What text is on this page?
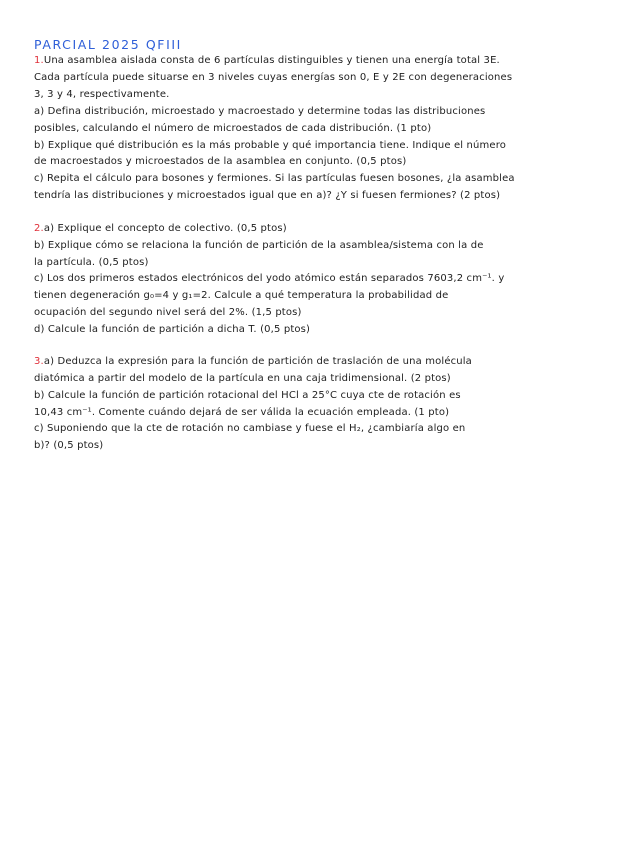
PARCIAL 2025 QFIII
1.Una asamblea aislada consta de 6 partículas distinguibles y tienen una energía total 3E.
Cada partícula puede situarse en 3 niveles cuyas energías son 0, E y 2E con degeneraciones
3, 3 y 4, respectivamente.
a) Defina distribución, microestado y macroestado y determine todas las distribuciones
posibles, calculando el número de microestados de cada distribución. (1 pto)
b) Explique qué distribución es la más probable y qué importancia tiene. Indique el número
de macroestados y microestados de la asamblea en conjunto. (0,5 ptos)
c) Repita el cálculo para bosones y fermiones. Si las partículas fuesen bosones, ¿la asamblea
tendría las distribuciones y microestados igual que en a)? ¿Y si fuesen fermiones? (2 ptos)
2.a) Explique el concepto de colectivo. (0,5 ptos)
b) Explique cómo se relaciona la función de partición de la asamblea/sistema con la de
la partícula. (0,5 ptos)
c) Los dos primeros estados electrónicos del yodo atómico están separados 7603,2 cm⁻¹. y
tienen degeneración g₀=4 y g₁=2. Calcule a qué temperatura la probabilidad de
ocupación del segundo nivel será del 2%. (1,5 ptos)
d) Calcule la función de partición a dicha T. (0,5 ptos)
3.a) Deduzca la expresión para la función de partición de traslación de una molécula
diatómica a partir del modelo de la partícula en una caja tridimensional. (2 ptos)
b) Calcule la función de partición rotacional del HCl a 25°C cuya cte de rotación es
10,43 cm⁻¹. Comente cuándo dejará de ser válida la ecuación empleada. (1 pto)
c) Suponiendo que la cte de rotación no cambiase y fuese el H₂, ¿cambiaría algo en
b)? (0,5 ptos)
